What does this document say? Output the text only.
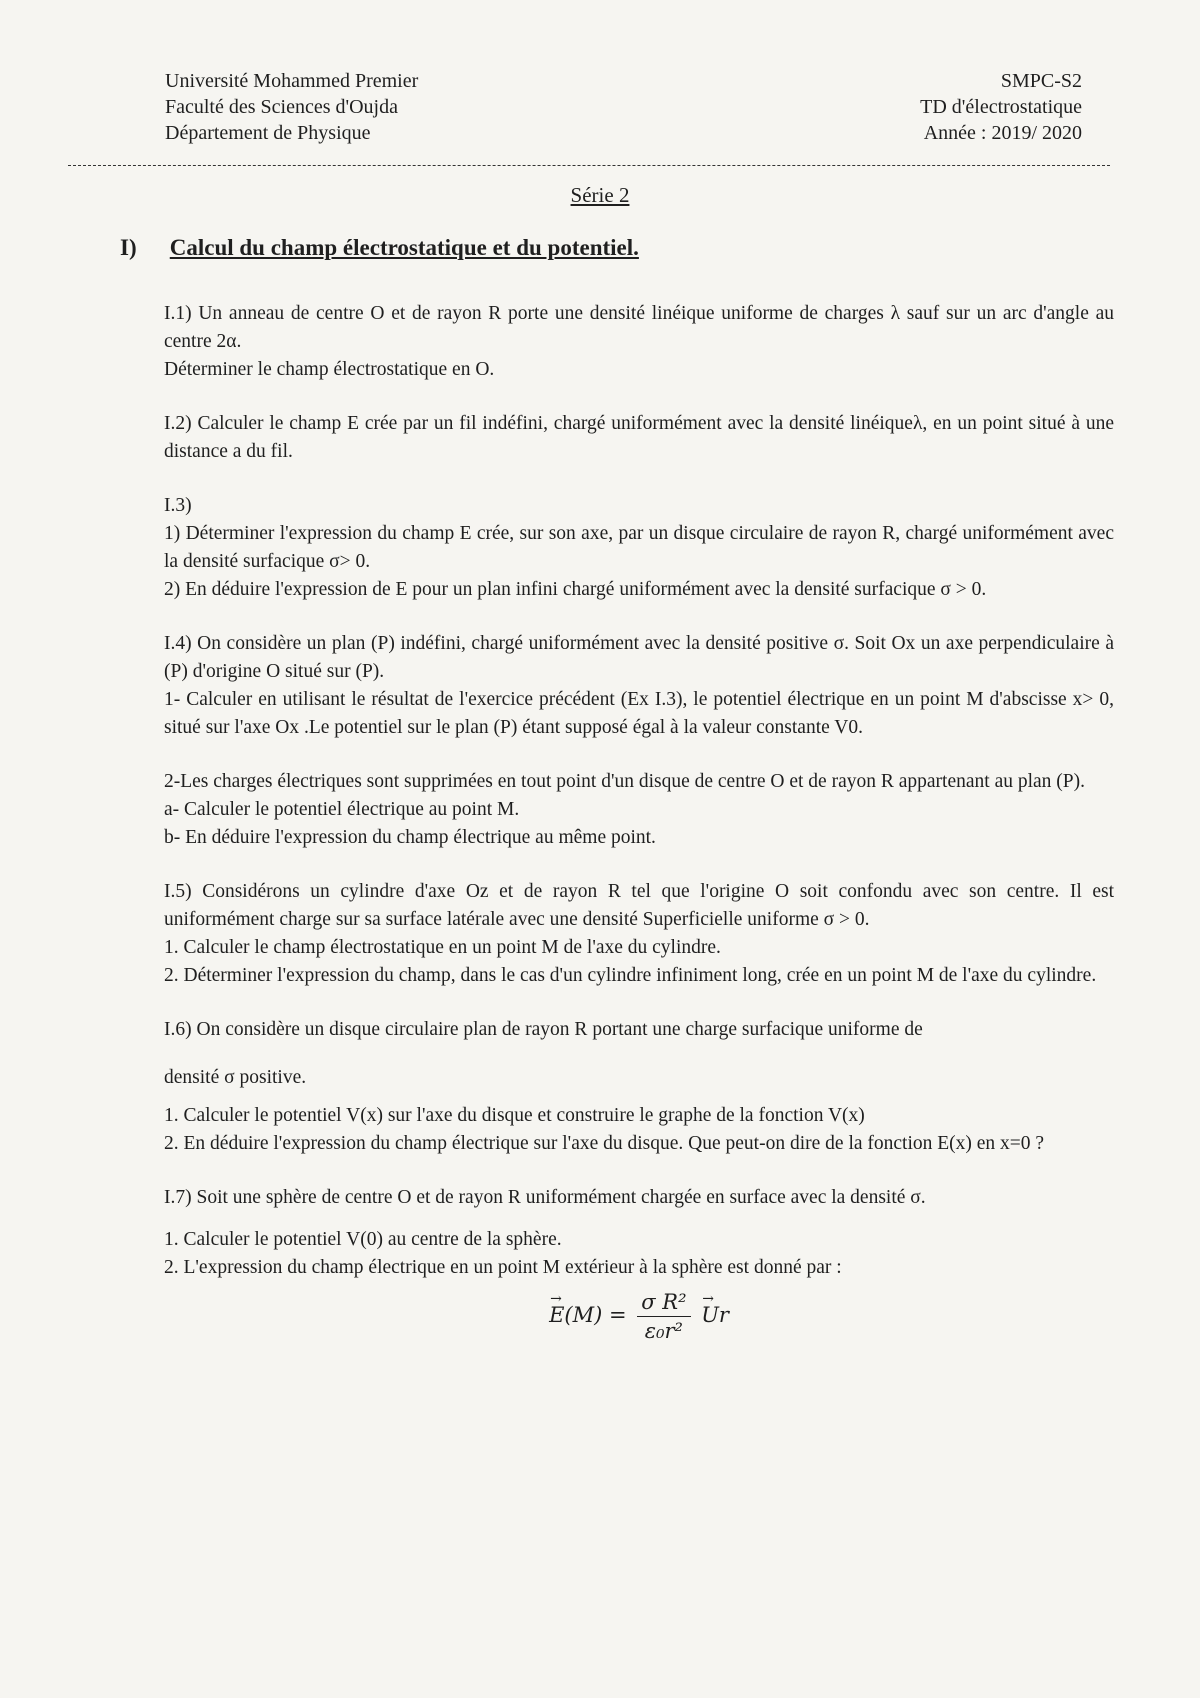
Université Mohammed Premier
Faculté des Sciences d'Oujda
Département de Physique
SMPC-S2
TD d'électrostatique
Année : 2019/ 2020
Série 2
I) Calcul du champ électrostatique et du potentiel.

I.1) Un anneau de centre O et de rayon R porte une densité linéique uniforme de charges λ sauf sur un arc d'angle au centre 2α.

Déterminer le champ électrostatique en O.

I.2) Calculer le champ E crée par un fil indéfini, chargé uniformément avec la densité linéiqueλ, en un point situé à une distance a du fil.

I.3)

1) Déterminer l'expression du champ E crée, sur son axe, par un disque circulaire de rayon R, chargé uniformément avec la densité surfacique σ> 0.

2) En déduire l'expression de E pour un plan infini chargé uniformément avec la densité surfacique σ > 0.

I.4) On considère un plan (P) indéfini, chargé uniformément avec la densité positive σ. Soit Ox un axe perpendiculaire à (P) d'origine O situé sur (P).

1- Calculer en utilisant le résultat de l'exercice précédent (Ex I.3), le potentiel électrique en un point M d'abscisse x> 0, situé sur l'axe Ox .Le potentiel sur le plan (P) étant supposé égal à la valeur constante V0.

2-Les charges électriques sont supprimées en tout point d'un disque de centre O et de rayon R appartenant au plan (P).

a- Calculer le potentiel électrique au point M.

b- En déduire l'expression du champ électrique au même point.

I.5) Considérons un cylindre d'axe Oz et de rayon R tel que l'origine O soit confondu avec son centre. Il est uniformément charge sur sa surface latérale avec une densité Superficielle uniforme σ > 0.

1. Calculer le champ électrostatique en un point M de l'axe du cylindre.

2. Déterminer l'expression du champ, dans le cas d'un cylindre infiniment long, crée en un point M de l'axe du cylindre.

I.6) On considère un disque circulaire plan de rayon R portant une charge surfacique uniforme de

densité σ positive.

1. Calculer le potentiel V(x) sur l'axe du disque et construire le graphe de la fonction V(x)

2. En déduire l'expression du champ électrique sur l'axe du disque. Que peut-on dire de la fonction E(x) en x=0 ?

I.7) Soit une sphère de centre O et de rayon R uniformément chargée en surface avec la densité σ.

1. Calculer le potentiel V(0) au centre de la sphère.

2. L'expression du champ électrique en un point M extérieur à la sphère est donné par :

→ $E(M) = \frac{\text{σ R²}}{\text{ε₀r²}}$
→ Ur
